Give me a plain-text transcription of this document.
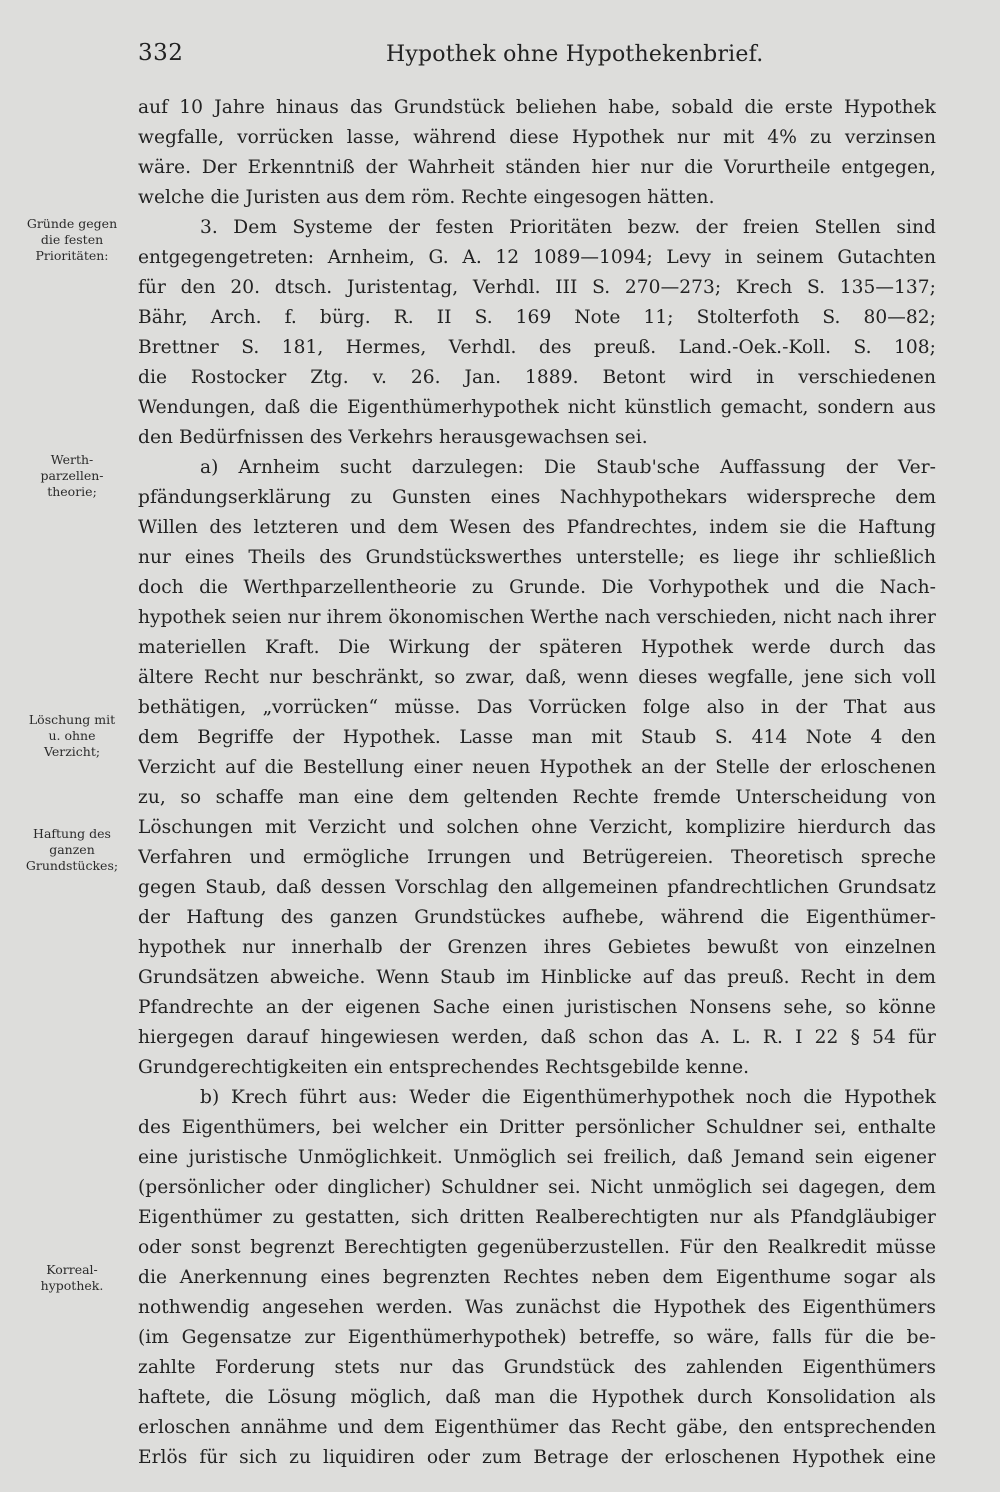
332	Hypothek ohne Hypothekenbrief.
Gründe gegen
die festen
Prioritäten:
Werth-
parzellen-
theorie;
Löschung mit
u. ohne
Verzicht;
Haftung des
ganzen
Grundstückes;
Korreal-
hypothek.
auf 10 Jahre hinaus das Grundstück beliehen habe, sobald die erste Hypothek
wegfalle, vorrücken lasse, während diese Hypothek nur mit 4% zu verzinsen
wäre. Der Erkenntniß der Wahrheit ständen hier nur die Vorurtheile entgegen,
welche die Juristen aus dem röm. Rechte eingesogen hätten.
3. Dem Systeme der festen Prioritäten bezw. der freien Stellen sind
entgegengetreten: Arnheim, G. A. 12 1089—1094; Levy in seinem Gutachten
für den 20. dtsch. Juristentag, Verhdl. III S. 270—273; Krech S. 135—137;
Bähr, Arch. f. bürg. R. II S. 169 Note 11; Stolterfoth S. 80—82;
Brettner S. 181, Hermes, Verhdl. des preuß. Land.-Oek.-Koll. S. 108;
die Rostocker Ztg. v. 26. Jan. 1889. Betont wird in verschiedenen
Wendungen, daß die Eigenthümerhypothek nicht künstlich gemacht, sondern aus
den Bedürfnissen des Verkehrs herausgewachsen sei.
a) Arnheim sucht darzulegen: Die Staub'sche Auffassung der Ver-
pfändungserklärung zu Gunsten eines Nachhypothekars widerspreche dem
Willen des letzteren und dem Wesen des Pfandrechtes, indem sie die Haftung
nur eines Theils des Grundstückswerthes unterstelle; es liege ihr schließlich
doch die Werthparzellentheorie zu Grunde. Die Vorhypothek und die Nach-
hypothek seien nur ihrem ökonomischen Werthe nach verschieden, nicht nach ihrer
materiellen Kraft. Die Wirkung der späteren Hypothek werde durch das
ältere Recht nur beschränkt, so zwar, daß, wenn dieses wegfalle, jene sich voll
bethätigen, „vorrücken“ müsse. Das Vorrücken folge also in der That aus
dem Begriffe der Hypothek. Lasse man mit Staub S. 414 Note 4 den
Verzicht auf die Bestellung einer neuen Hypothek an der Stelle der erloschenen
zu, so schaffe man eine dem geltenden Rechte fremde Unterscheidung von
Löschungen mit Verzicht und solchen ohne Verzicht, komplizire hierdurch das
Verfahren und ermögliche Irrungen und Betrügereien. Theoretisch spreche
gegen Staub, daß dessen Vorschlag den allgemeinen pfandrechtlichen Grundsatz
der Haftung des ganzen Grundstückes aufhebe, während die Eigenthümer-
hypothek nur innerhalb der Grenzen ihres Gebietes bewußt von einzelnen
Grundsätzen abweiche. Wenn Staub im Hinblicke auf das preuß. Recht in dem
Pfandrechte an der eigenen Sache einen juristischen Nonsens sehe, so könne
hiergegen darauf hingewiesen werden, daß schon das A. L. R. I 22 § 54 für
Grundgerechtigkeiten ein entsprechendes Rechtsgebilde kenne.
b) Krech führt aus: Weder die Eigenthümerhypothek noch die Hypothek
des Eigenthümers, bei welcher ein Dritter persönlicher Schuldner sei, enthalte
eine juristische Unmöglichkeit. Unmöglich sei freilich, daß Jemand sein eigener
(persönlicher oder dinglicher) Schuldner sei. Nicht unmöglich sei dagegen, dem
Eigenthümer zu gestatten, sich dritten Realberechtigten nur als Pfandgläubiger
oder sonst begrenzt Berechtigten gegenüberzustellen. Für den Realkredit müsse
die Anerkennung eines begrenzten Rechtes neben dem Eigenthume sogar als
nothwendig angesehen werden. Was zunächst die Hypothek des Eigenthümers
(im Gegensatze zur Eigenthümerhypothek) betreffe, so wäre, falls für die be-
zahlte Forderung stets nur das Grundstück des zahlenden Eigenthümers
haftete, die Lösung möglich, daß man die Hypothek durch Konsolidation als
erloschen annähme und dem Eigenthümer das Recht gäbe, den entsprechenden
Erlös für sich zu liquidiren oder zum Betrage der erloschenen Hypothek eine
